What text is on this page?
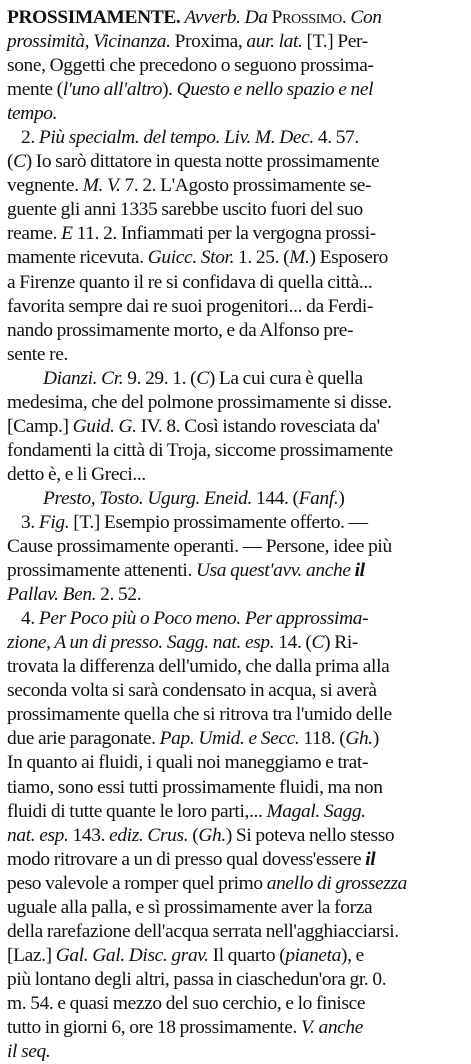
PROSSIMAMENTE. Avverb. Da Prossimo. Con
prossimità, Vicinanza. Proxima, aur. lat. [T.] Per-
sone, Oggetti che precedono o seguono prossima-
mente (l'uno all'altro). Questo e nello spazio e nel
tempo.
2. Più specialm. del tempo. Liv. M. Dec. 4. 57.
(C) Io sarò dittatore in questa notte prossimamente
vegnente. M. V. 7. 2. L'Agosto prossimamente se-
guente gli anni 1335 sarebbe uscito fuori del suo
reame. E 11. 2. Infiammati per la vergogna prossi-
mamente ricevuta. Guicc. Stor. 1. 25. (M.) Esposero
a Firenze quanto il re si confidava di quella città...
favorita sempre dai re suoi progenitori... da Ferdi-
nando prossimamente morto, e da Alfonso pre-
sente re.
Dianzi. Cr. 9. 29. 1. (C) La cui cura è quella
medesima, che del polmone prossimamente si disse.
[Camp.] Guid. G. IV. 8. Così istando rovesciata da'
fondamenti la città di Troja, siccome prossimamente
detto è, e li Greci...
Presto, Tosto. Ugurg. Eneid. 144. (Fanf.)
3. Fig. [T.] Esempio prossimamente offerto. —
Cause prossimamente operanti. — Persone, idee più
prossimamente attenenti. Usa quest'avv. anche il
Pallav. Ben. 2. 52.
4. Per Poco più o Poco meno. Per approssima-
zione, A un di presso. Sagg. nat. esp. 14. (C) Ri-
trovata la differenza dell'umido, che dalla prima alla
seconda volta si sarà condensato in acqua, si averà
prossimamente quella che si ritrova tra l'umido delle
due arie paragonate. Pap. Umid. e Secc. 118. (Gh.)
In quanto ai fluidi, i quali noi maneggiamo e trat-
tiamo, sono essi tutti prossimamente fluidi, ma non
fluidi di tutte quante le loro parti,... Magal. Sagg.
nat. esp. 143. ediz. Crus. (Gh.) Si poteva nello stesso
modo ritrovare a un di presso qual dovess'essere il
peso valevole a romper quel primo anello di grossezza
uguale alla palla, e sì prossimamente aver la forza
della rarefazione dell'acqua serrata nell'agghiacciarsi.
[Laz.] Gal. Gal. Disc. grav. Il quarto (pianeta), e
più lontano degli altri, passa in ciaschedun'ora gr. 0.
m. 54. e quasi mezzo del suo cerchio, e lo finisce
tutto in giorni 6, ore 18 prossimamente. V. anche
il seq.
